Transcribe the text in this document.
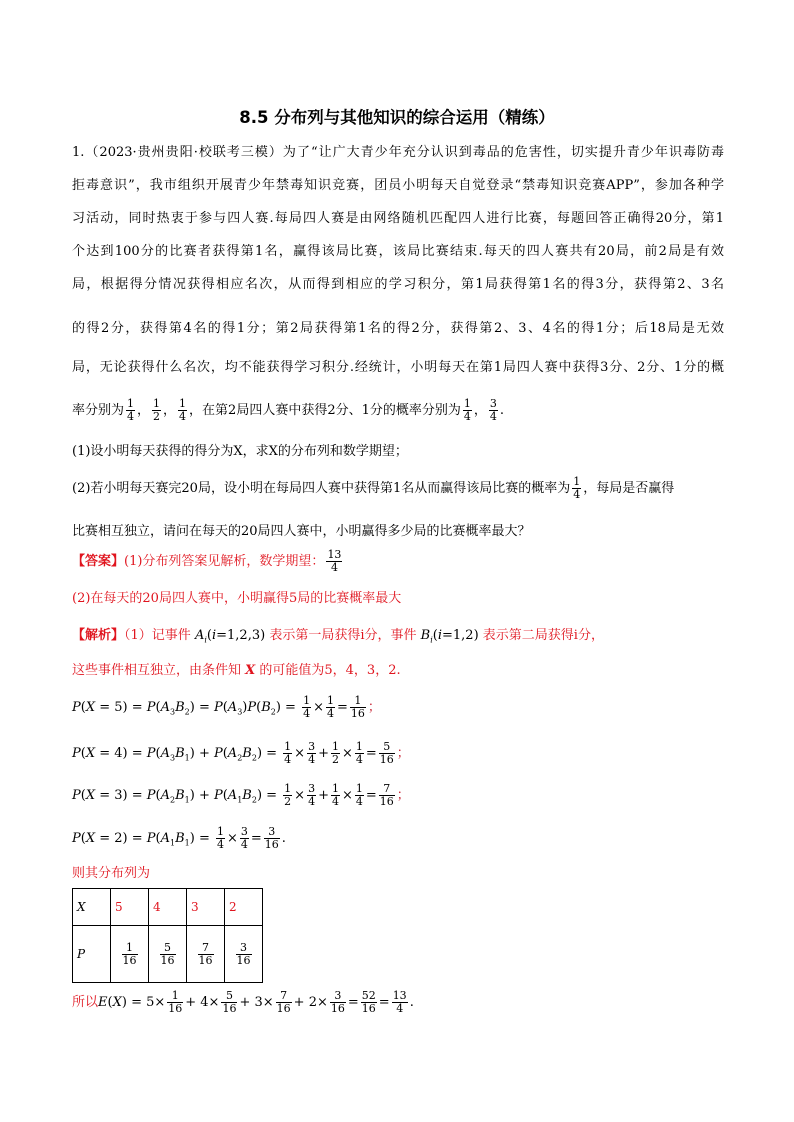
8.5 分布列与其他知识的综合运用（精练）
1.（2023·贵州贵阳·校联考三模）为了“让广大青少年充分认识到毒品的危害性，切实提升青少年识毒防毒
拒毒意识”，我市组织开展青少年禁毒知识竞赛，团员小明每天自觉登录“禁毒知识竞赛APP”，参加各种学
习活动，同时热衷于参与四人赛.每局四人赛是由网络随机匹配四人进行比赛，每题回答正确得20分，第1
个达到100分的比赛者获得第1名，赢得该局比赛，该局比赛结束.每天的四人赛共有20局，前2局是有效
局，根据得分情况获得相应名次，从而得到相应的学习积分，第1局获得第1名的得3分，获得第2、3名
的得2分，获得第4名的得1分；第2局获得第1名的得2分，获得第2、3、4名的得1分；后18局是无效
局，无论获得什么名次，均不能获得学习积分.经统计，小明每天在第1局四人赛中获得3分、2分、1分的概
率分别为 $\frac{1}{4}$ ， $\frac{1}{2}$ ， $\frac{1}{4}$ ，在第2局四人赛中获得2分、1分的概率分别为 $\frac{1}{4}$ ， $\frac{3}{4}$ .
(1)设小明每天获得的得分为X，求X的分布列和数学期望；
(2)若小明每天赛完20局，设小明在每局四人赛中获得第1名从而赢得该局比赛的概率为 $\frac{1}{4}$ ，每局是否赢得
比赛相互独立，请问在每天的20局四人赛中，小明赢得多少局的比赛概率最大？
【答案】(1)分布列答案见解析，数学期望： $\frac{13}{4}$
(2)在每天的20局四人赛中，小明赢得5局的比赛概率最大
【解析】（1）记事件 $A_i(i=1,2,3)$ 表示第一局获得i分，事件 $B_i(i=1,2)$ 表示第二局获得i分，
这些事件相互独立，由条件知 X 的可能值为5，4，3，2.
$P(X = 5) = P(A_3B_2) = P(A_3)P(B_2) = \frac{1}{4} \times \frac{1}{4} = \frac{1}{16}$ ；
$P(X = 4) = P(A_3B_1) + P(A_2B_2) = \frac{1}{4} \times \frac{3}{4} + \frac{1}{2} \times \frac{1}{4} = \frac{5}{16}$ ；
$P(X = 3) = P(A_2B_1) + P(A_1B_2) = \frac{1}{2} \times \frac{3}{4} + \frac{1}{4} \times \frac{1}{4} = \frac{7}{16}$ ；
$P(X = 2) = P(A_1B_1) = \frac{1}{4} \times \frac{3}{4} = \frac{3}{16}$ .
则其分布列为
X	5	4	3	2
P	$\frac{1}{16}$	$\frac{5}{16}$	$\frac{7}{16}$	$\frac{3}{16}$
所以$E(X) = 5\times \frac{1}{16} + 4\times \frac{5}{16} + 3\times \frac{7}{16} + 2\times \frac{3}{16} = \frac{52}{16} = \frac{13}{4}$ .
